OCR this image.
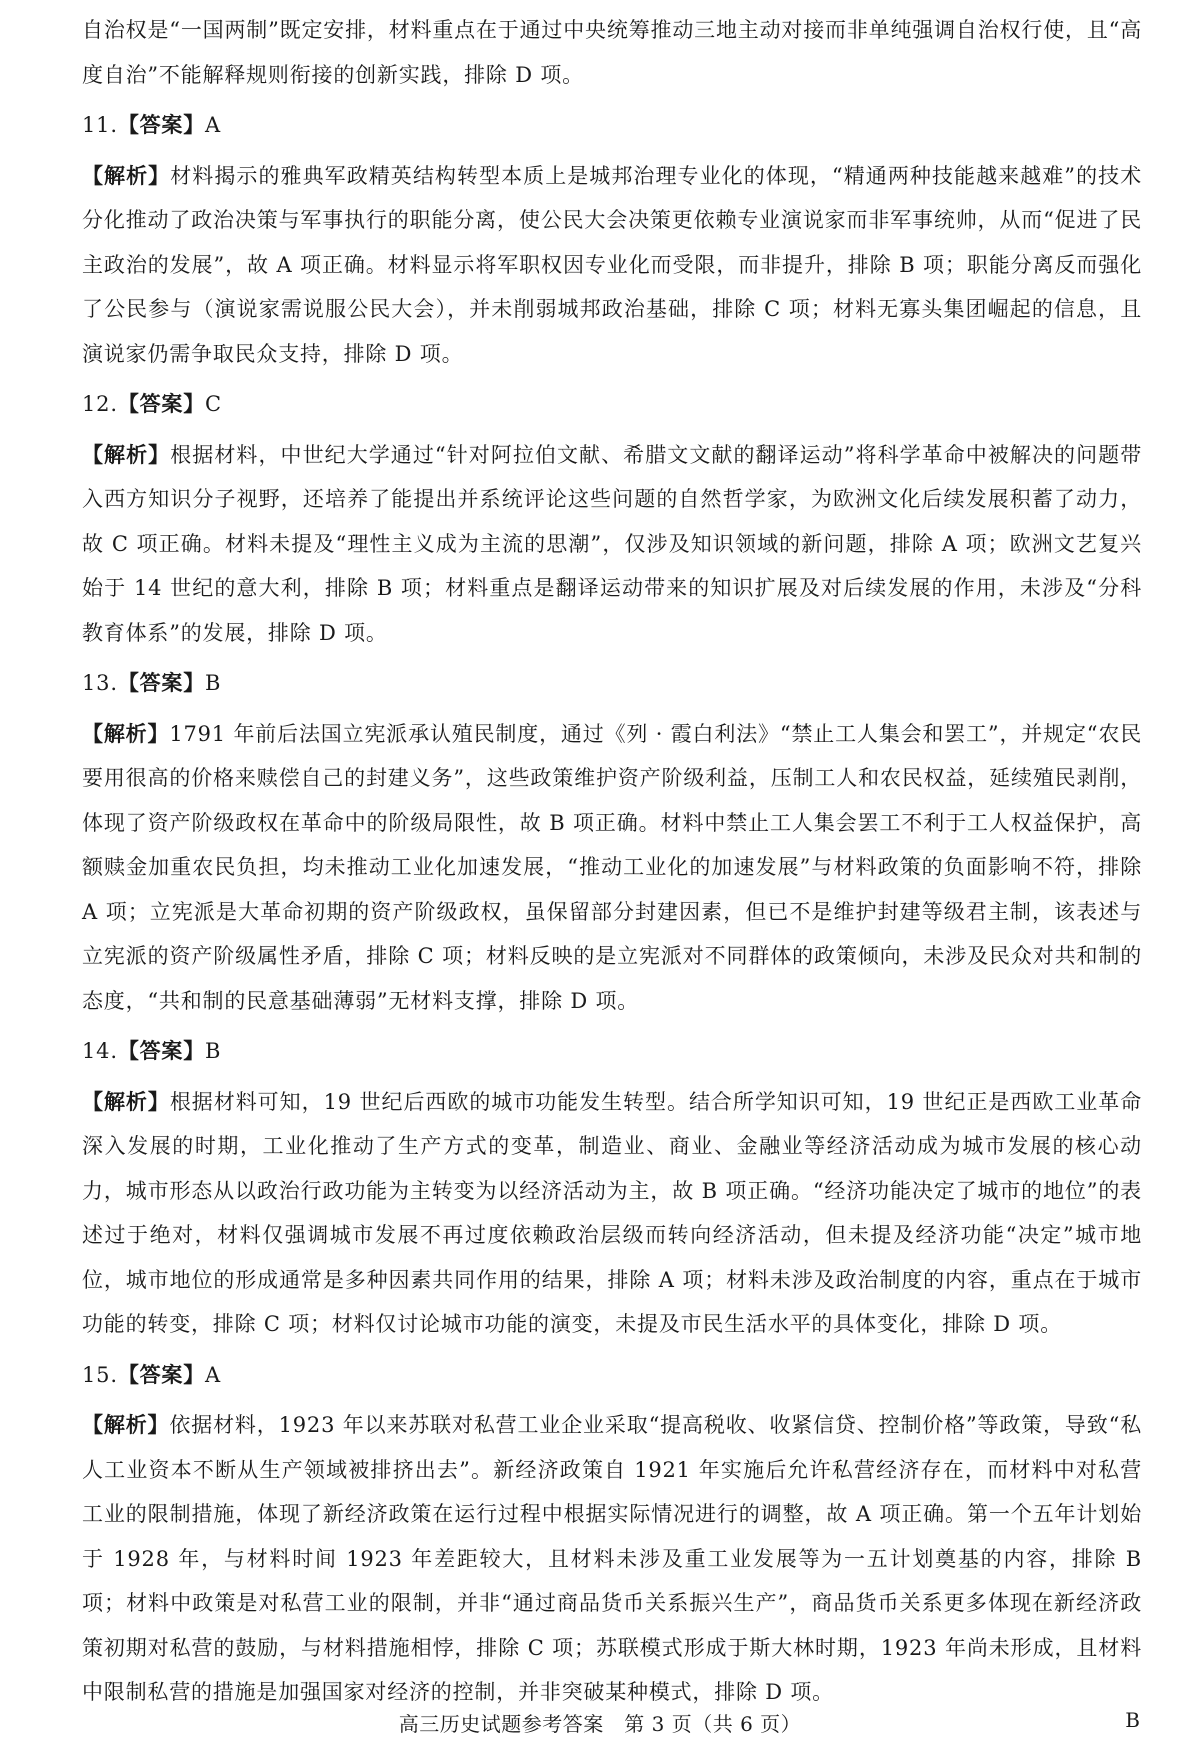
自治权是“一国两制”既定安排，材料重点在于通过中央统筹推动三地主动对接而非单纯强调自治权行使，且“高度自治”不能解释规则衔接的创新实践，排除 D 项。

11.【答案】A

【解析】材料揭示的雅典军政精英结构转型本质上是城邦治理专业化的体现，“精通两种技能越来越难”的技术分化推动了政治决策与军事执行的职能分离，使公民大会决策更依赖专业演说家而非军事统帅，从而“促进了民主政治的发展”，故 A 项正确。材料显示将军职权因专业化而受限，而非提升，排除 B 项；职能分离反而强化了公民参与（演说家需说服公民大会），并未削弱城邦政治基础，排除 C 项；材料无寡头集团崛起的信息，且演说家仍需争取民众支持，排除 D 项。

12.【答案】C

【解析】根据材料，中世纪大学通过“针对阿拉伯文献、希腊文文献的翻译运动”将科学革命中被解决的问题带入西方知识分子视野，还培养了能提出并系统评论这些问题的自然哲学家，为欧洲文化后续发展积蓄了动力，故 C 项正确。材料未提及“理性主义成为主流的思潮”，仅涉及知识领域的新问题，排除 A 项；欧洲文艺复兴始于 14 世纪的意大利，排除 B 项；材料重点是翻译运动带来的知识扩展及对后续发展的作用，未涉及“分科教育体系”的发展，排除 D 项。

13.【答案】B

【解析】1791 年前后法国立宪派承认殖民制度，通过《列 · 霞白利法》“禁止工人集会和罢工”，并规定“农民要用很高的价格来赎偿自己的封建义务”，这些政策维护资产阶级利益，压制工人和农民权益，延续殖民剥削，体现了资产阶级政权在革命中的阶级局限性，故 B 项正确。材料中禁止工人集会罢工不利于工人权益保护，高额赎金加重农民负担，均未推动工业化加速发展，“推动工业化的加速发展”与材料政策的负面影响不符，排除 A 项；立宪派是大革命初期的资产阶级政权，虽保留部分封建因素，但已不是维护封建等级君主制，该表述与立宪派的资产阶级属性矛盾，排除 C 项；材料反映的是立宪派对不同群体的政策倾向，未涉及民众对共和制的态度，“共和制的民意基础薄弱”无材料支撑，排除 D 项。

14.【答案】B

【解析】根据材料可知，19 世纪后西欧的城市功能发生转型。结合所学知识可知，19 世纪正是西欧工业革命深入发展的时期，工业化推动了生产方式的变革，制造业、商业、金融业等经济活动成为城市发展的核心动力，城市形态从以政治行政功能为主转变为以经济活动为主，故 B 项正确。“经济功能决定了城市的地位”的表述过于绝对，材料仅强调城市发展不再过度依赖政治层级而转向经济活动，但未提及经济功能“决定”城市地位，城市地位的形成通常是多种因素共同作用的结果，排除 A 项；材料未涉及政治制度的内容，重点在于城市功能的转变，排除 C 项；材料仅讨论城市功能的演变，未提及市民生活水平的具体变化，排除 D 项。

15.【答案】A

【解析】依据材料，1923 年以来苏联对私营工业企业采取“提高税收、收紧信贷、控制价格”等政策，导致“私人工业资本不断从生产领域被排挤出去”。新经济政策自 1921 年实施后允许私营经济存在，而材料中对私营工业的限制措施，体现了新经济政策在运行过程中根据实际情况进行的调整，故 A 项正确。第一个五年计划始于 1928 年，与材料时间 1923 年差距较大，且材料未涉及重工业发展等为一五计划奠基的内容，排除 B 项；材料中政策是对私营工业的限制，并非“通过商品货币关系振兴生产”，商品货币关系更多体现在新经济政策初期对私营的鼓励，与材料措施相悖，排除 C 项；苏联模式形成于斯大林时期，1923 年尚未形成，且材料中限制私营的措施是加强国家对经济的控制，并非突破某种模式，排除 D 项。

高三历史试题参考答案　第 3 页（共 6 页）	B
